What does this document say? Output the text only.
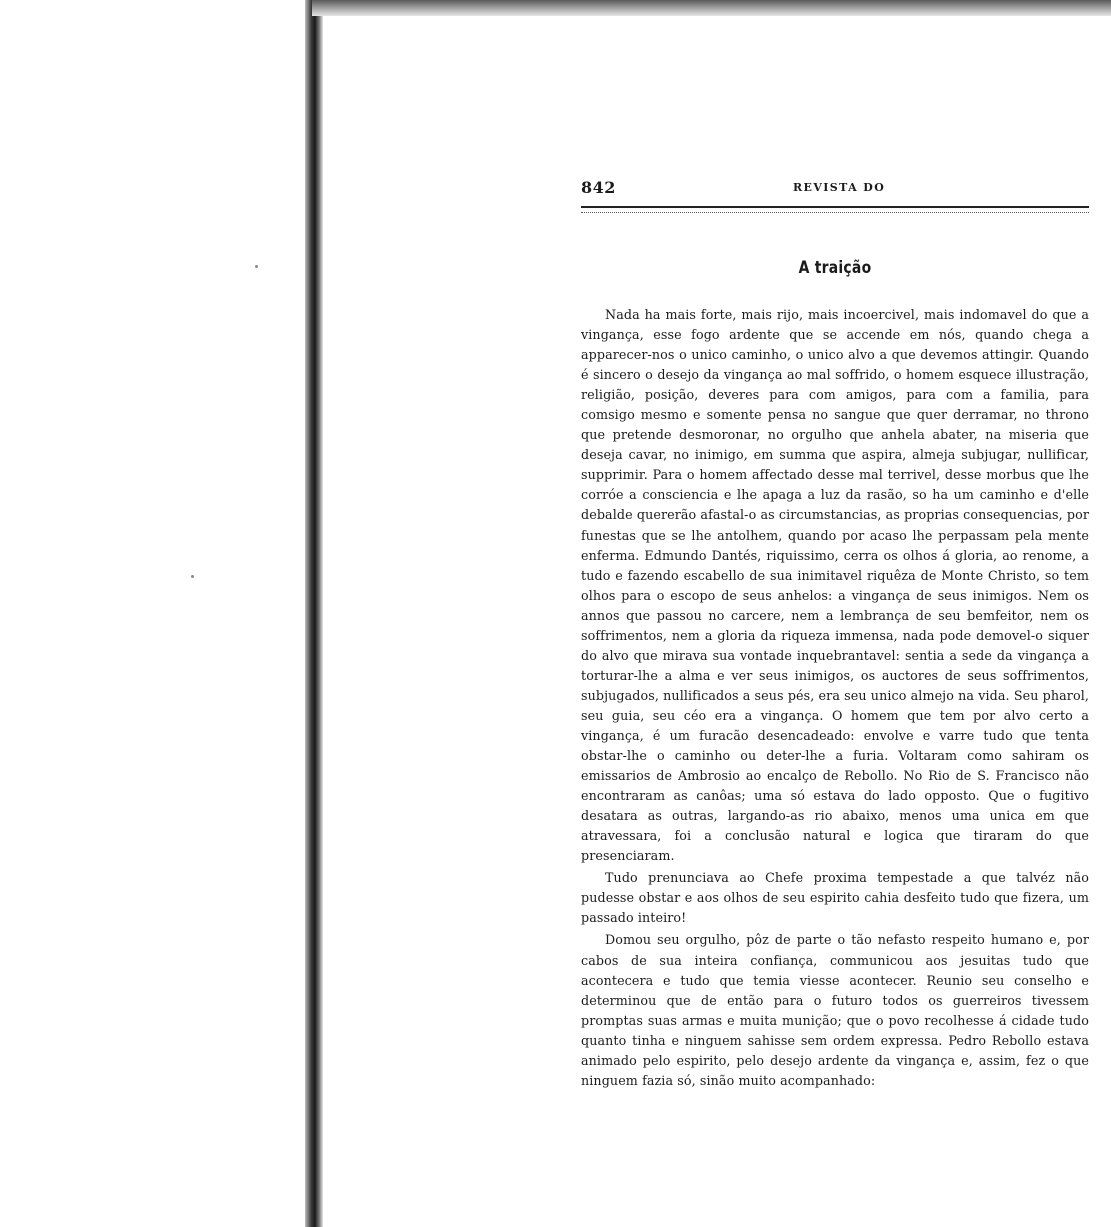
842	REVISTA DO
A traição

Nada ha mais forte, mais rijo, mais incoercivel, mais indomavel do que a vingança, esse fogo ardente que se accende em nós, quando chega a apparecer-nos o unico caminho, o unico alvo a que devemos attingir. Quando é sincero o desejo da vingança ao mal soffrido, o homem esquece illustração, religião, posição, deveres para com amigos, para com a familia, para comsigo mesmo e somente pensa no sangue que quer derramar, no throno que pretende desmoronar, no orgulho que anhela abater, na miseria que deseja cavar, no inimigo, em summa que aspira, almeja subjugar, nullificar, supprimir. Para o homem affectado desse mal terrivel, desse morbus que lhe corróe a consciencia e lhe apaga a luz da rasão, so ha um caminho e d'elle debalde quererão afastal-o as circumstancias, as proprias consequencias, por funestas que se lhe antolhem, quando por acaso lhe perpassam pela mente enferma. Edmundo Dantés, riquissimo, cerra os olhos á gloria, ao renome, a tudo e fazendo escabello de sua inimitavel riquêza de Monte Christo, so tem olhos para o escopo de seus anhelos: a vingança de seus inimigos. Nem os annos que passou no carcere, nem a lembrança de seu bemfeitor, nem os soffrimentos, nem a gloria da riqueza immensa, nada pode demovel-o siquer do alvo que mirava sua vontade inquebrantavel: sentia a sede da vingança a torturar-lhe a alma e ver seus inimigos, os auctores de seus soffrimentos, subjugados, nullificados a seus pés, era seu unico almejo na vida. Seu pharol, seu guia, seu céo era a vingança. O homem que tem por alvo certo a vingança, é um furacão desencadeado: envolve e varre tudo que tenta obstar-lhe o caminho ou deter-lhe a furia. Voltaram como sahiram os emissarios de Ambrosio ao encalço de Rebollo. No Rio de S. Francisco não encontraram as canôas; uma só estava do lado opposto. Que o fugitivo desatara as outras, largando-as rio abaixo, menos uma unica em que atravessara, foi a conclusão natural e logica que tiraram do que presenciaram.

Tudo prenunciava ao Chefe proxima tempestade a que talvéz não pudesse obstar e aos olhos de seu espirito cahia desfeito tudo que fizera, um passado inteiro!

Domou seu orgulho, pôz de parte o tão nefasto respeito humano e, por cabos de sua inteira confiança, communicou aos jesuitas tudo que acontecera e tudo que temia viesse acontecer. Reunio seu conselho e determinou que de então para o futuro todos os guerreiros tivessem promptas suas armas e muita munição; que o povo recolhesse á cidade tudo quanto tinha e ninguem sahisse sem ordem expressa. Pedro Rebollo estava animado pelo espirito, pelo desejo ardente da vingança e, assim, fez o que ninguem fazia só, sinão muito acompanhado:
